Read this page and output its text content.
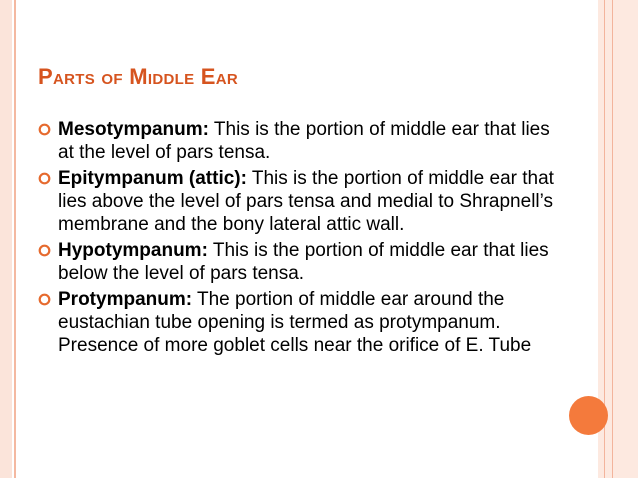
Parts of Middle Ear
Mesotympanum: This is the portion of middle ear that lies at the level of pars tensa.
Epitympanum (attic): This is the portion of middle ear that lies above the level of pars tensa and medial to Shrapnell’s membrane and the bony lateral attic wall.
Hypotympanum: This is the portion of middle ear that lies below the level of pars tensa.
Protympanum: The portion of middle ear around the eustachian tube opening is termed as protympanum. Presence of more goblet cells near the orifice of E. Tube
